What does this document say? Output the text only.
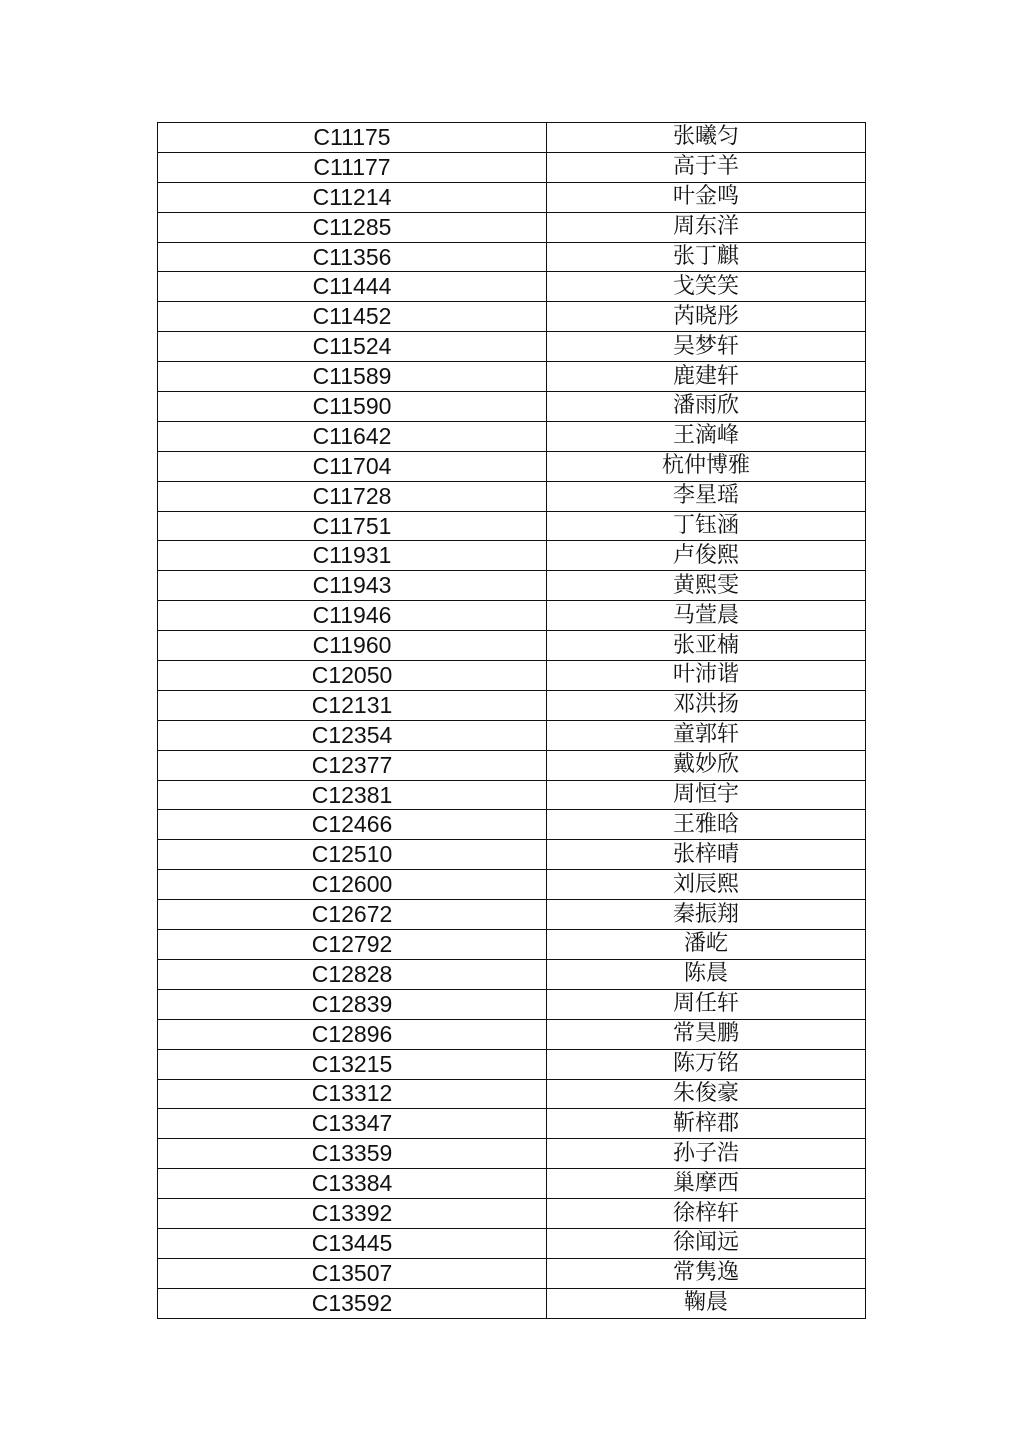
C11175	张曦匀
C11177	高于羊
C11214	叶金鸣
C11285	周东洋
C11356	张丁麒
C11444	戈笑笑
C11452	芮晓彤
C11524	吴梦轩
C11589	鹿建轩
C11590	潘雨欣
C11642	王滴峰
C11704	杭仲博雅
C11728	李星瑶
C11751	丁钰涵
C11931	卢俊熙
C11943	黄熙雯
C11946	马萱晨
C11960	张亚楠
C12050	叶沛谐
C12131	邓洪扬
C12354	童郭轩
C12377	戴妙欣
C12381	周恒宇
C12466	王雅晗
C12510	张梓晴
C12600	刘辰熙
C12672	秦振翔
C12792	潘屹
C12828	陈晨
C12839	周任轩
C12896	常昊鹏
C13215	陈万铭
C13312	朱俊豪
C13347	靳梓郡
C13359	孙子浩
C13384	巢摩西
C13392	徐梓轩
C13445	徐闻远
C13507	常隽逸
C13592	鞠晨
